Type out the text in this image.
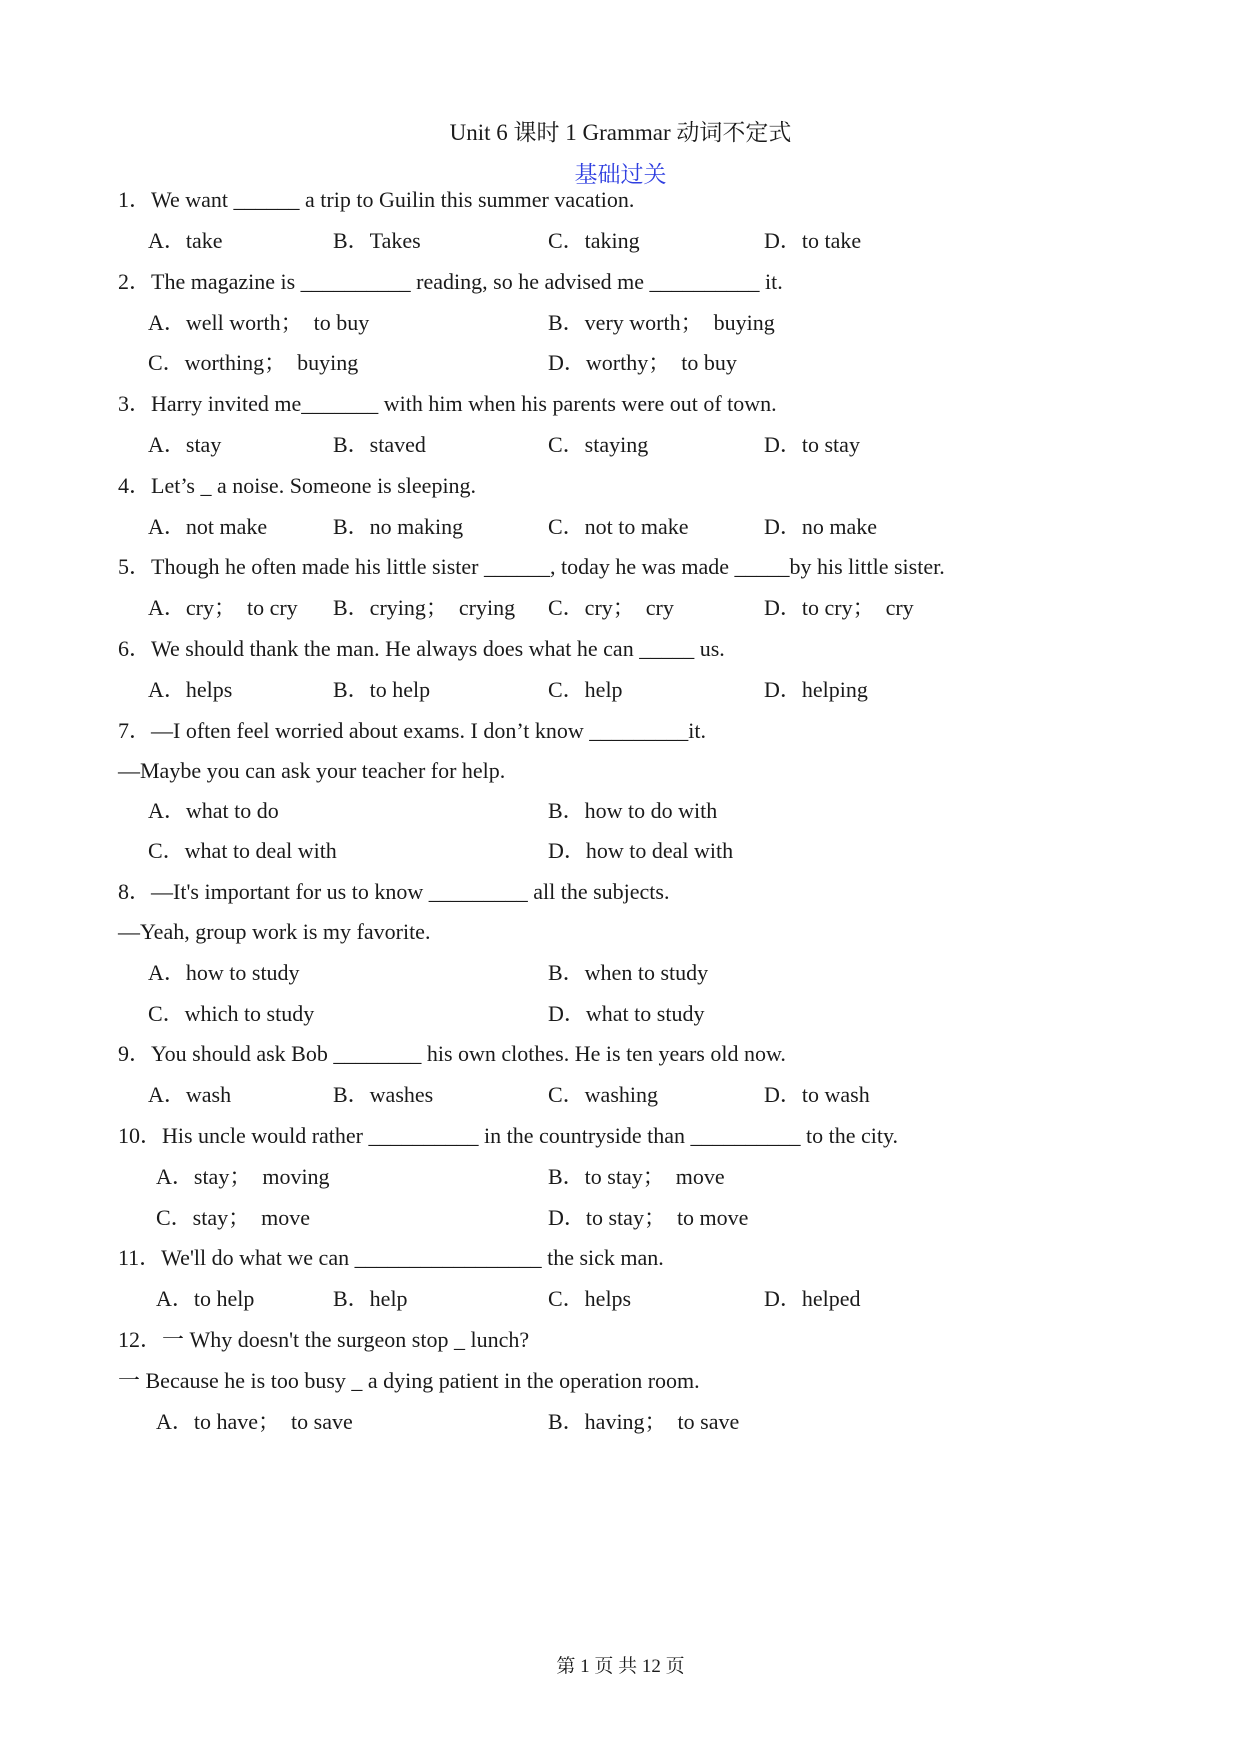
Unit 6 课时 1 Grammar 动词不定式
基础过关
1．We want ______ a trip to Guilin this summer vacation.
A．take	B．Takes	C．taking	D．to take
2．The magazine is __________ reading, so he advised me __________ it.
A．well worth；  to buy	B．very worth；  buying
C．worthing；  buying	D．worthy；  to buy
3．Harry invited me_______ with him when his parents were out of town.
A．stay	B．staved	C．staying	D．to stay
4．Let’s _ a noise. Someone is sleeping.
A．not make	B．no making	C．not to make	D．no make
5．Though he often made his little sister ______, today he was made _____by his little sister.
A．cry；  to cry B．crying；  crying C．cry；  cry	D．to cry；  cry
6．We should thank the man. He always does what he can _____ us.
A．helps	B．to help	C．help	D．helping
7．—I often feel worried about exams. I don’t know _________it.
—Maybe you can ask your teacher for help.
A．what to do	B．how to do with
C．what to deal with	D．how to deal with
8．—It's important for us to know _________ all the subjects.
—Yeah, group work is my favorite.
A．how to study	B．when to study
C．which to study	D．what to study
9．You should ask Bob ________ his own clothes. He is ten years old now.
A．wash	B．washes	C．washing	D．to wash
10．His uncle would rather __________ in the countryside than __________ to the city.
A．stay；  moving	B．to stay；  move
C．stay；  move	D．to stay；  to move
11．We'll do what we can _________________ the sick man.
A．to help	B．help	C．helps	D．helped
12．一 Why doesn't the surgeon stop _ lunch?
一 Because he is too busy _ a dying patient in the operation room.
A．to have；  to save	B．having；  to save
第 1 页 共 12 页
